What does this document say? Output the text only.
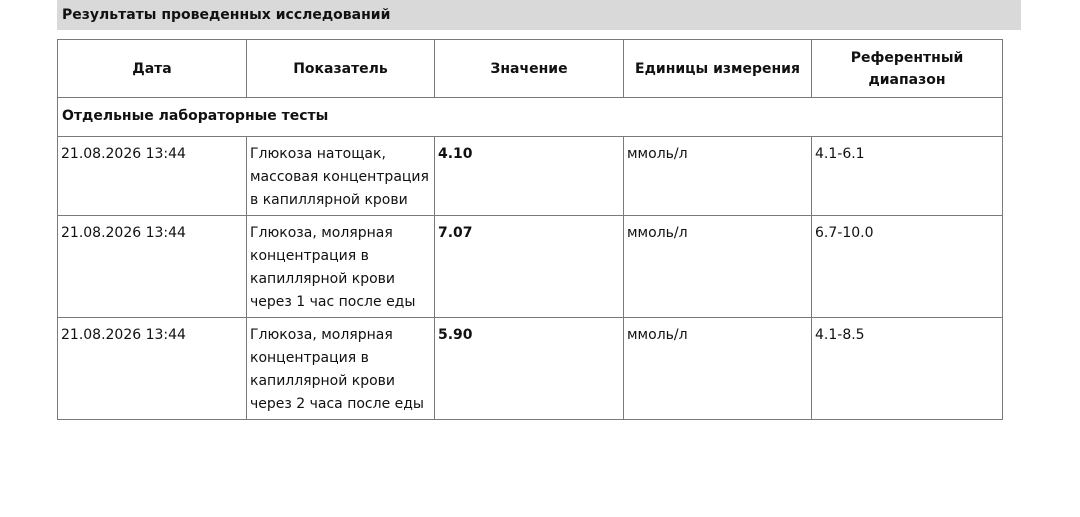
Результаты проведенных исследований
Дата	Показатель	Значение	Единицы измерения	Референтный диапазон
Отдельные лабораторные тесты				
21.08.2026 13:44	Глюкоза натощак, массовая концентрация в капиллярной крови	4.10	ммоль/л	4.1-6.1
21.08.2026 13:44	Глюкоза, молярная концентрация в капиллярной крови через 1 час после еды	7.07	ммоль/л	6.7-10.0
21.08.2026 13:44	Глюкоза, молярная концентрация в капиллярной крови через 2 часа после еды	5.90	ммоль/л	4.1-8.5
